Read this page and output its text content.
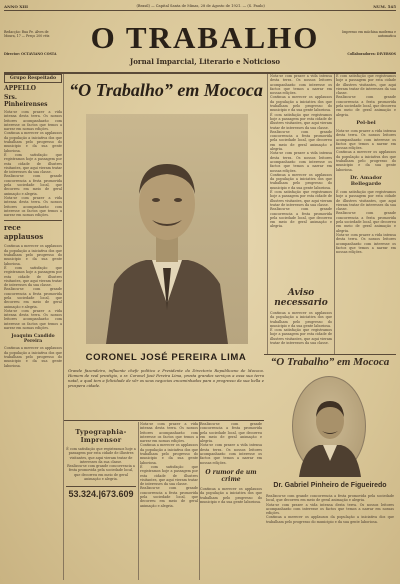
ANNO XIII	(Brasil) — Capital Santa de Minas, 28 de Agosto de 1921. — (S. Paulo)	NUM. 545
Redacção: Rua Pe. Alves de Moura, 17 — Preço 200 réis
Director: OCTAVIANO COSTA	O TRABALHO
Jornal Imparcial, Literario e Noticioso
Impresso em máchina moderna e automatica
Collaboradores: DIVERSOS
Grupo Respeitado
APPELLO
Srs. Pinheirenses

Nota-se com prazer a vida intensa desta terra. Os nossos leitores acompanharão com interesse os factos que temos a narrar em nossas edições.

Continua a merecer os applausos da população a iniciativa dos que trabalham pelo progresso do municipio e da sua gente laboriosa.

É com satisfação que registramos hoje a passagem por esta cidade de illustres visitantes, que aqui vieram tratar de interesses da sua classe.

Realizou-se com grande concorrencia a festa promovida pela sociedade local, que decorreu em meio de geral animação e alegria.

Nota-se com prazer a vida intensa desta terra. Os nossos leitores acompanharão com interesse os factos que temos a narrar em nossas edições.

rece applausos

Continua a merecer os applausos da população a iniciativa dos que trabalham pelo progresso do municipio e da sua gente laboriosa.

É com satisfação que registramos hoje a passagem por esta cidade de illustres visitantes, que aqui vieram tratar de interesses da sua classe.

Realizou-se com grande concorrencia a festa promovida pela sociedade local, que decorreu em meio de geral animação e alegria.

Nota-se com prazer a vida intensa desta terra. Os nossos leitores acompanharão com interesse os factos que temos a narrar em nossas edições.

Joaquim Candido Pereira

Continua a merecer os applausos da população a iniciativa dos que trabalham pelo progresso do municipio e da sua gente laboriosa.

“O Trabalho” em Mococa
CORONEL JOSÉ PEREIRA LIMA
Grande fazendeiro, influente chefe politico e Presidente do Directorio Republicano de Mococa. Homem de real prestigio, o sr. Coronel José Pereira Lima, presta grandes serviços a essa sua terra natal, a qual tem a felicidade de vêr os seus negocios encaminhados para o progresso da sua bella e prospera cidade.

Nota-se com prazer a vida intensa desta terra. Os nossos leitores acompanharão com interesse os factos que temos a narrar em nossas edições.

Continua a merecer os applausos da população a iniciativa dos que trabalham pelo progresso do municipio e da sua gente laboriosa.

É com satisfação que registramos hoje a passagem por esta cidade de illustres visitantes, que aqui vieram tratar de interesses da sua classe.

Realizou-se com grande concorrencia a festa promovida pela sociedade local, que decorreu em meio de geral animação e alegria.

Nota-se com prazer a vida intensa desta terra. Os nossos leitores acompanharão com interesse os factos que temos a narrar em nossas edições.

Continua a merecer os applausos da população a iniciativa dos que trabalham pelo progresso do municipio e da sua gente laboriosa.

É com satisfação que registramos hoje a passagem por esta cidade de illustres visitantes, que aqui vieram tratar de interesses da sua classe.

Realizou-se com grande concorrencia a festa promovida pela sociedade local, que decorreu em meio de geral animação e alegria.

É com satisfação que registramos hoje a passagem por esta cidade de illustres visitantes, que aqui vieram tratar de interesses da sua classe.

Realizou-se com grande concorrencia a festa promovida pela sociedade local, que decorreu em meio de geral animação e alegria.

Pel-bel

Nota-se com prazer a vida intensa desta terra. Os nossos leitores acompanharão com interesse os factos que temos a narrar em nossas edições.

Continua a merecer os applausos da população a iniciativa dos que trabalham pelo progresso do municipio e da sua gente laboriosa.

Dr. Amador Bellegarde

É com satisfação que registramos hoje a passagem por esta cidade de illustres visitantes, que aqui vieram tratar de interesses da sua classe.

Realizou-se com grande concorrencia a festa promovida pela sociedade local, que decorreu em meio de geral animação e alegria.

Nota-se com prazer a vida intensa desta terra. Os nossos leitores acompanharão com interesse os factos que temos a narrar em nossas edições.

Aviso necessario

Continua a merecer os applausos da população a iniciativa dos que trabalham pelo progresso do municipio e da sua gente laboriosa.

É com satisfação que registramos hoje a passagem por esta cidade de illustres visitantes, que aqui vieram tratar de interesses da sua classe.

“O Trabalho” em Mococa
Dr. Gabriel Pinheiro de Figueiredo

Realizou-se com grande concorrencia a festa promovida pela sociedade local, que decorreu em meio de geral animação e alegria.

Nota-se com prazer a vida intensa desta terra. Os nossos leitores acompanharão com interesse os factos que temos a narrar em nossas edições.

Continua a merecer os applausos da população a iniciativa dos que trabalham pelo progresso do municipio e da sua gente laboriosa.

Typographia-Imprensor

É com satisfação que registramos hoje a passagem por esta cidade de illustres visitantes, que aqui vieram tratar de interesses da sua classe.

Realizou-se com grande concorrencia a festa promovida pela sociedade local, que decorreu em meio de geral animação e alegria.

53.324.|673.609

Nota-se com prazer a vida intensa desta terra. Os nossos leitores acompanharão com interesse os factos que temos a narrar em nossas edições.

Continua a merecer os applausos da população a iniciativa dos que trabalham pelo progresso do municipio e da sua gente laboriosa.

É com satisfação que registramos hoje a passagem por esta cidade de illustres visitantes, que aqui vieram tratar de interesses da sua classe.

Realizou-se com grande concorrencia a festa promovida pela sociedade local, que decorreu em meio de geral animação e alegria.

Realizou-se com grande concorrencia a festa promovida pela sociedade local, que decorreu em meio de geral animação e alegria.

Nota-se com prazer a vida intensa desta terra. Os nossos leitores acompanharão com interesse os factos que temos a narrar em nossas edições.

O rumor de um crime

Continua a merecer os applausos da população a iniciativa dos que trabalham pelo progresso do municipio e da sua gente laboriosa.
